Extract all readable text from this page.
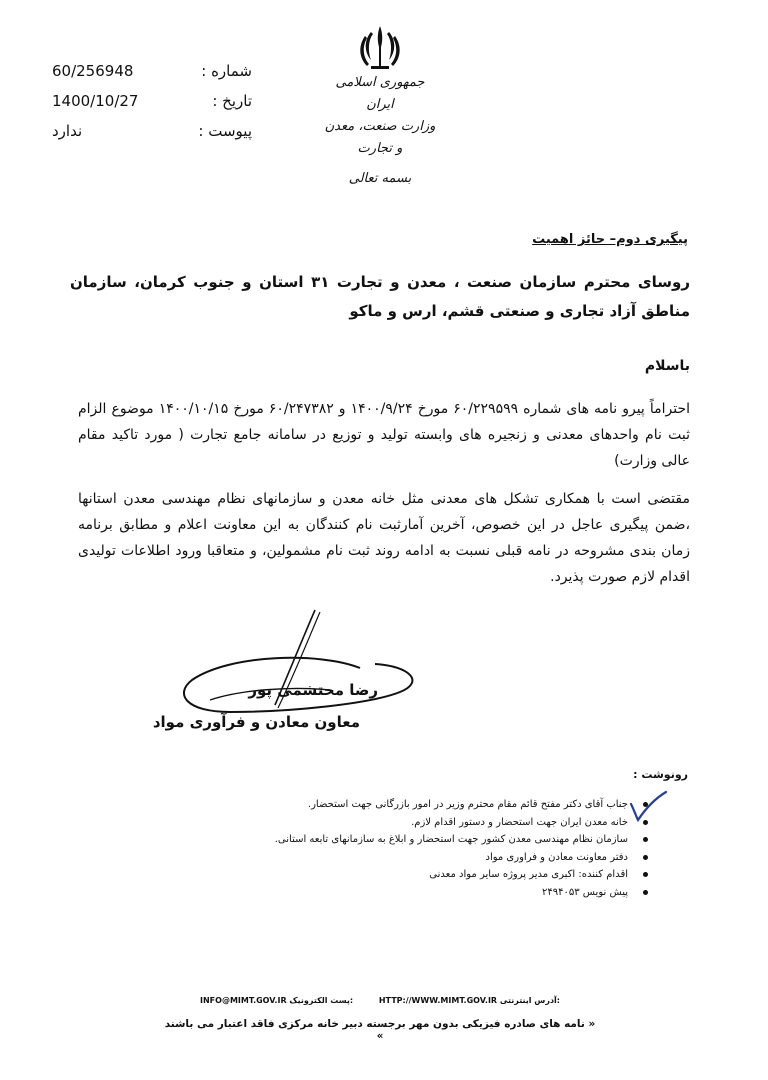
60/256948	شماره :
1400/10/27	تاریخ :
ندارد	پیوست :
جمهوری اسلامی ایران
وزارت صنعت، معدن و تجارت
بسمه تعالی
پیگیری دوم– حائز اهمیت
روسای محترم سازمان صنعت ، معدن و تجارت ۳۱ استان و جنوب کرمان، سازمان مناطق آزاد تجاری و صنعتی قشم، ارس و ماکو
باسلام
احتراماً پیرو نامه های شماره ۶۰/۲۲۹۵۹۹ مورخ ۱۴۰۰/۹/۲۴ و ۶۰/۲۴۷۳۸۲ مورخ ۱۴۰۰/۱۰/۱۵ موضوع الزام ثبت نام واحدهای معدنی و زنجیره های وابسته تولید و توزیع در سامانه جامع تجارت ( مورد تاکید مقام عالی وزارت)
مقتضی است با همکاری تشکل های معدنی مثل خانه معدن و سازمانهای نظام مهندسی معدن استانها ،ضمن پیگیری عاجل در این خصوص، آخرین آمارثبت نام کنندگان به این معاونت اعلام و مطابق برنامه زمان بندی مشروحه در نامه قبلی نسبت به ادامه روند ثبت نام مشمولین، و متعاقبا ورود اطلاعات تولیدی اقدام لازم صورت پذیرد.
رضا محتشمی پور
معاون معادن و فرآوری مواد
رونوشت :
جناب آقای دکتر مفتح قائم مقام محترم وزیر در امور بازرگانی جهت استحضار.
خانه معدن ایران جهت استحضار و دستور اقدام لازم.
سازمان نظام مهندسی معدن کشور جهت استحضار و ابلاغ به سازمانهای تابعه استانی.
دفتر معاونت معادن و فراوری مواد
اقدام کننده: اکبری مدیر پروژه سایر مواد معدنی
پیش نویس ۲۴۹۴۰۵۳
INFO@MIMT.GOV.IR پست الکترونیک:	HTTP://WWW.MIMT.GOV.IR آدرس اینترنتی:
« نامه های صادره فیزیکی بدون مهر برجسته دبیر خانه مرکزی فاقد اعتبار می باشند »
